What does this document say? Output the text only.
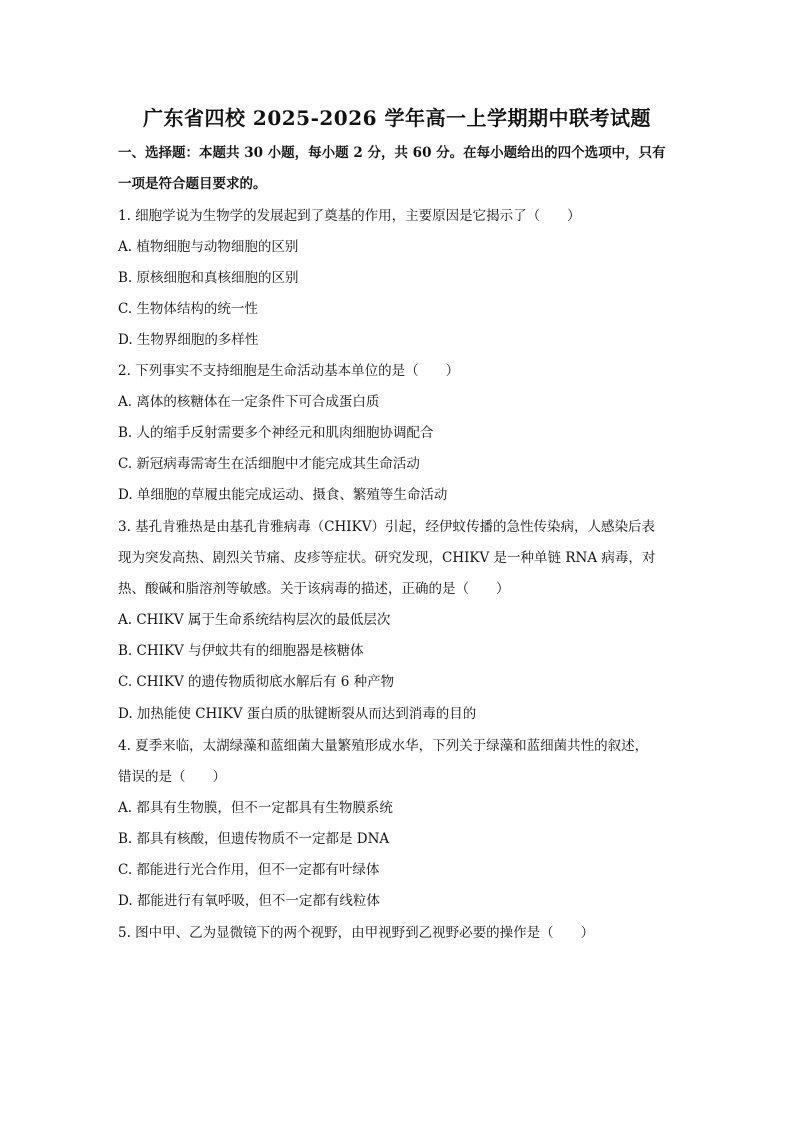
广东省四校 2025-2026 学年高一上学期期中联考试题
一、选择题：本题共 30 小题，每小题 2 分，共 60 分。在每小题给出的四个选项中，只有
一项是符合题目要求的。
1. 细胞学说为生物学的发展起到了奠基的作用，主要原因是它揭示了（　　）
A. 植物细胞与动物细胞的区别
B. 原核细胞和真核细胞的区别
C. 生物体结构的统一性
D. 生物界细胞的多样性
2. 下列事实不支持细胞是生命活动基本单位的是（　　）
A. 离体的核糖体在一定条件下可合成蛋白质
B. 人的缩手反射需要多个神经元和肌肉细胞协调配合
C. 新冠病毒需寄生在活细胞中才能完成其生命活动
D. 单细胞的草履虫能完成运动、摄食、繁殖等生命活动
3. 基孔肯雅热是由基孔肯雅病毒（CHIKV）引起，经伊蚊传播的急性传染病，人感染后表
现为突发高热、剧烈关节痛、皮疹等症状。研究发现，CHIKV 是一种单链 RNA 病毒，对
热、酸碱和脂溶剂等敏感。关于该病毒的描述，正确的是（　　）
A. CHIKV 属于生命系统结构层次的最低层次
B. CHIKV 与伊蚊共有的细胞器是核糖体
C. CHIKV 的遗传物质彻底水解后有 6 种产物
D. 加热能使 CHIKV 蛋白质的肽键断裂从而达到消毒的目的
4. 夏季来临，太湖绿藻和蓝细菌大量繁殖形成水华，下列关于绿藻和蓝细菌共性的叙述，
错误的是（　　）
A. 都具有生物膜，但不一定都具有生物膜系统
B. 都具有核酸，但遗传物质不一定都是 DNA
C. 都能进行光合作用，但不一定都有叶绿体
D. 都能进行有氧呼吸，但不一定都有线粒体
5. 图中甲、乙为显微镜下的两个视野，由甲视野到乙视野必要的操作是（　　）
